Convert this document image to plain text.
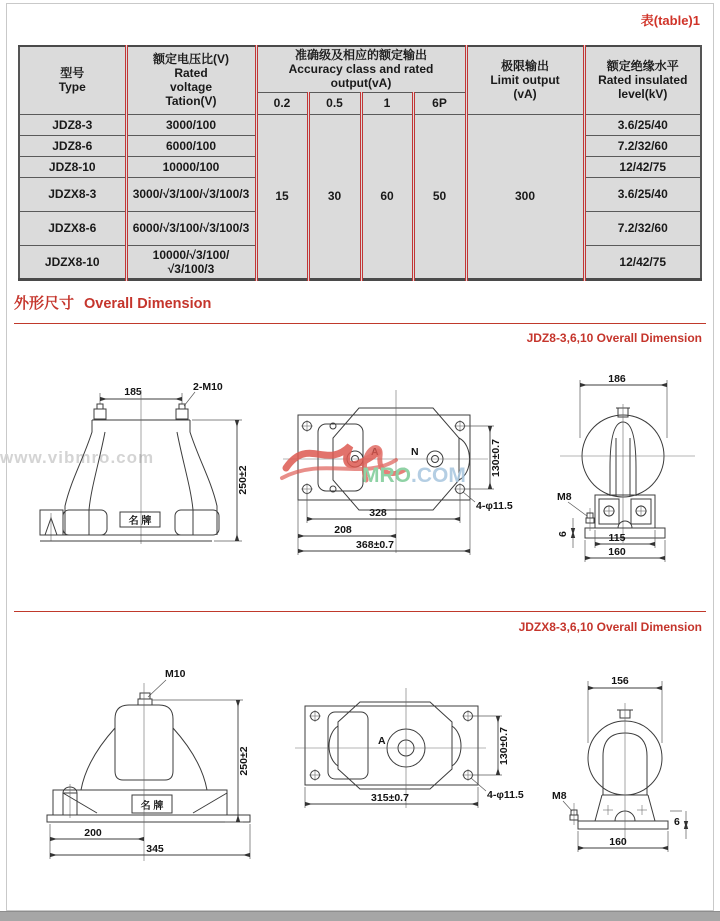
表(table)1
型号
Type

额定电压比(V)
Rated
voltage
Tation(V)

准确级及相应的额定输出
Accuracy class and rated
output(vA)

极限输出
Limit output
(vA)

额定绝缘水平
Rated insulated
level(kV)

		0.2	0.5	1	6P		
JDZ8-3	3000/100	15	30	60	50	300	3.6/25/40
JDZ8-6	6000/100						7.2/32/60
JDZ8-10	10000/100						12/42/75
JDZX8-3	3000/√3/100/√3/100/3						3.6/25/40
JDZX8-6	6000/√3/100/√3/100/3						7.2/32/60
JDZX8-10	10000/√3/100/√3/100/3						12/42/75
外形尺寸 Overall Dimension
JDZ8-3,6,10 Overall Dimension
JDZX8-3,6,10 Overall Dimension
www.vibmro.com
185	2-M10
名 牌
250±2
A	N
328
208
368±0.7
130±0.7
4-φ11.5
186
M8
6	115
160
MRO.COM
M10
名 牌
250±2
200
345
A
315±0.7
130±0.7
4-φ11.5
156
M8
6
160
